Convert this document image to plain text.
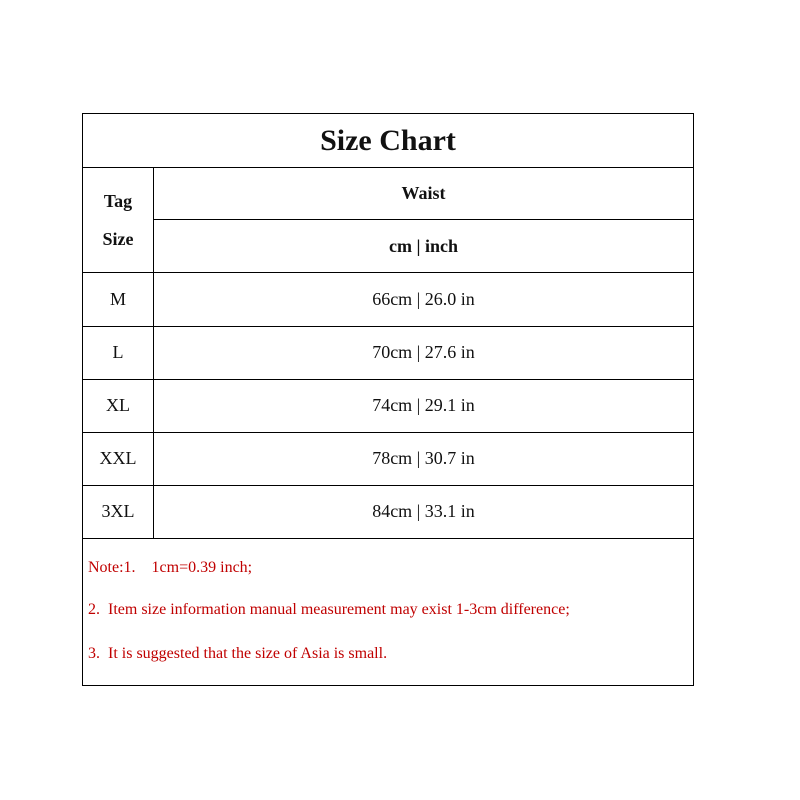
Size Chart
Tag
Size
Waist
cm | inch
M	66cm | 26.0 in
L	70cm | 27.6 in
XL	74cm | 29.1 in
XXL	78cm | 30.7 in
3XL	84cm | 33.1 in
Note:1.    1cm=0.39 inch;
2.  Item size information manual measurement may exist 1-3cm difference;
3.  It is suggested that the size of Asia is small.
